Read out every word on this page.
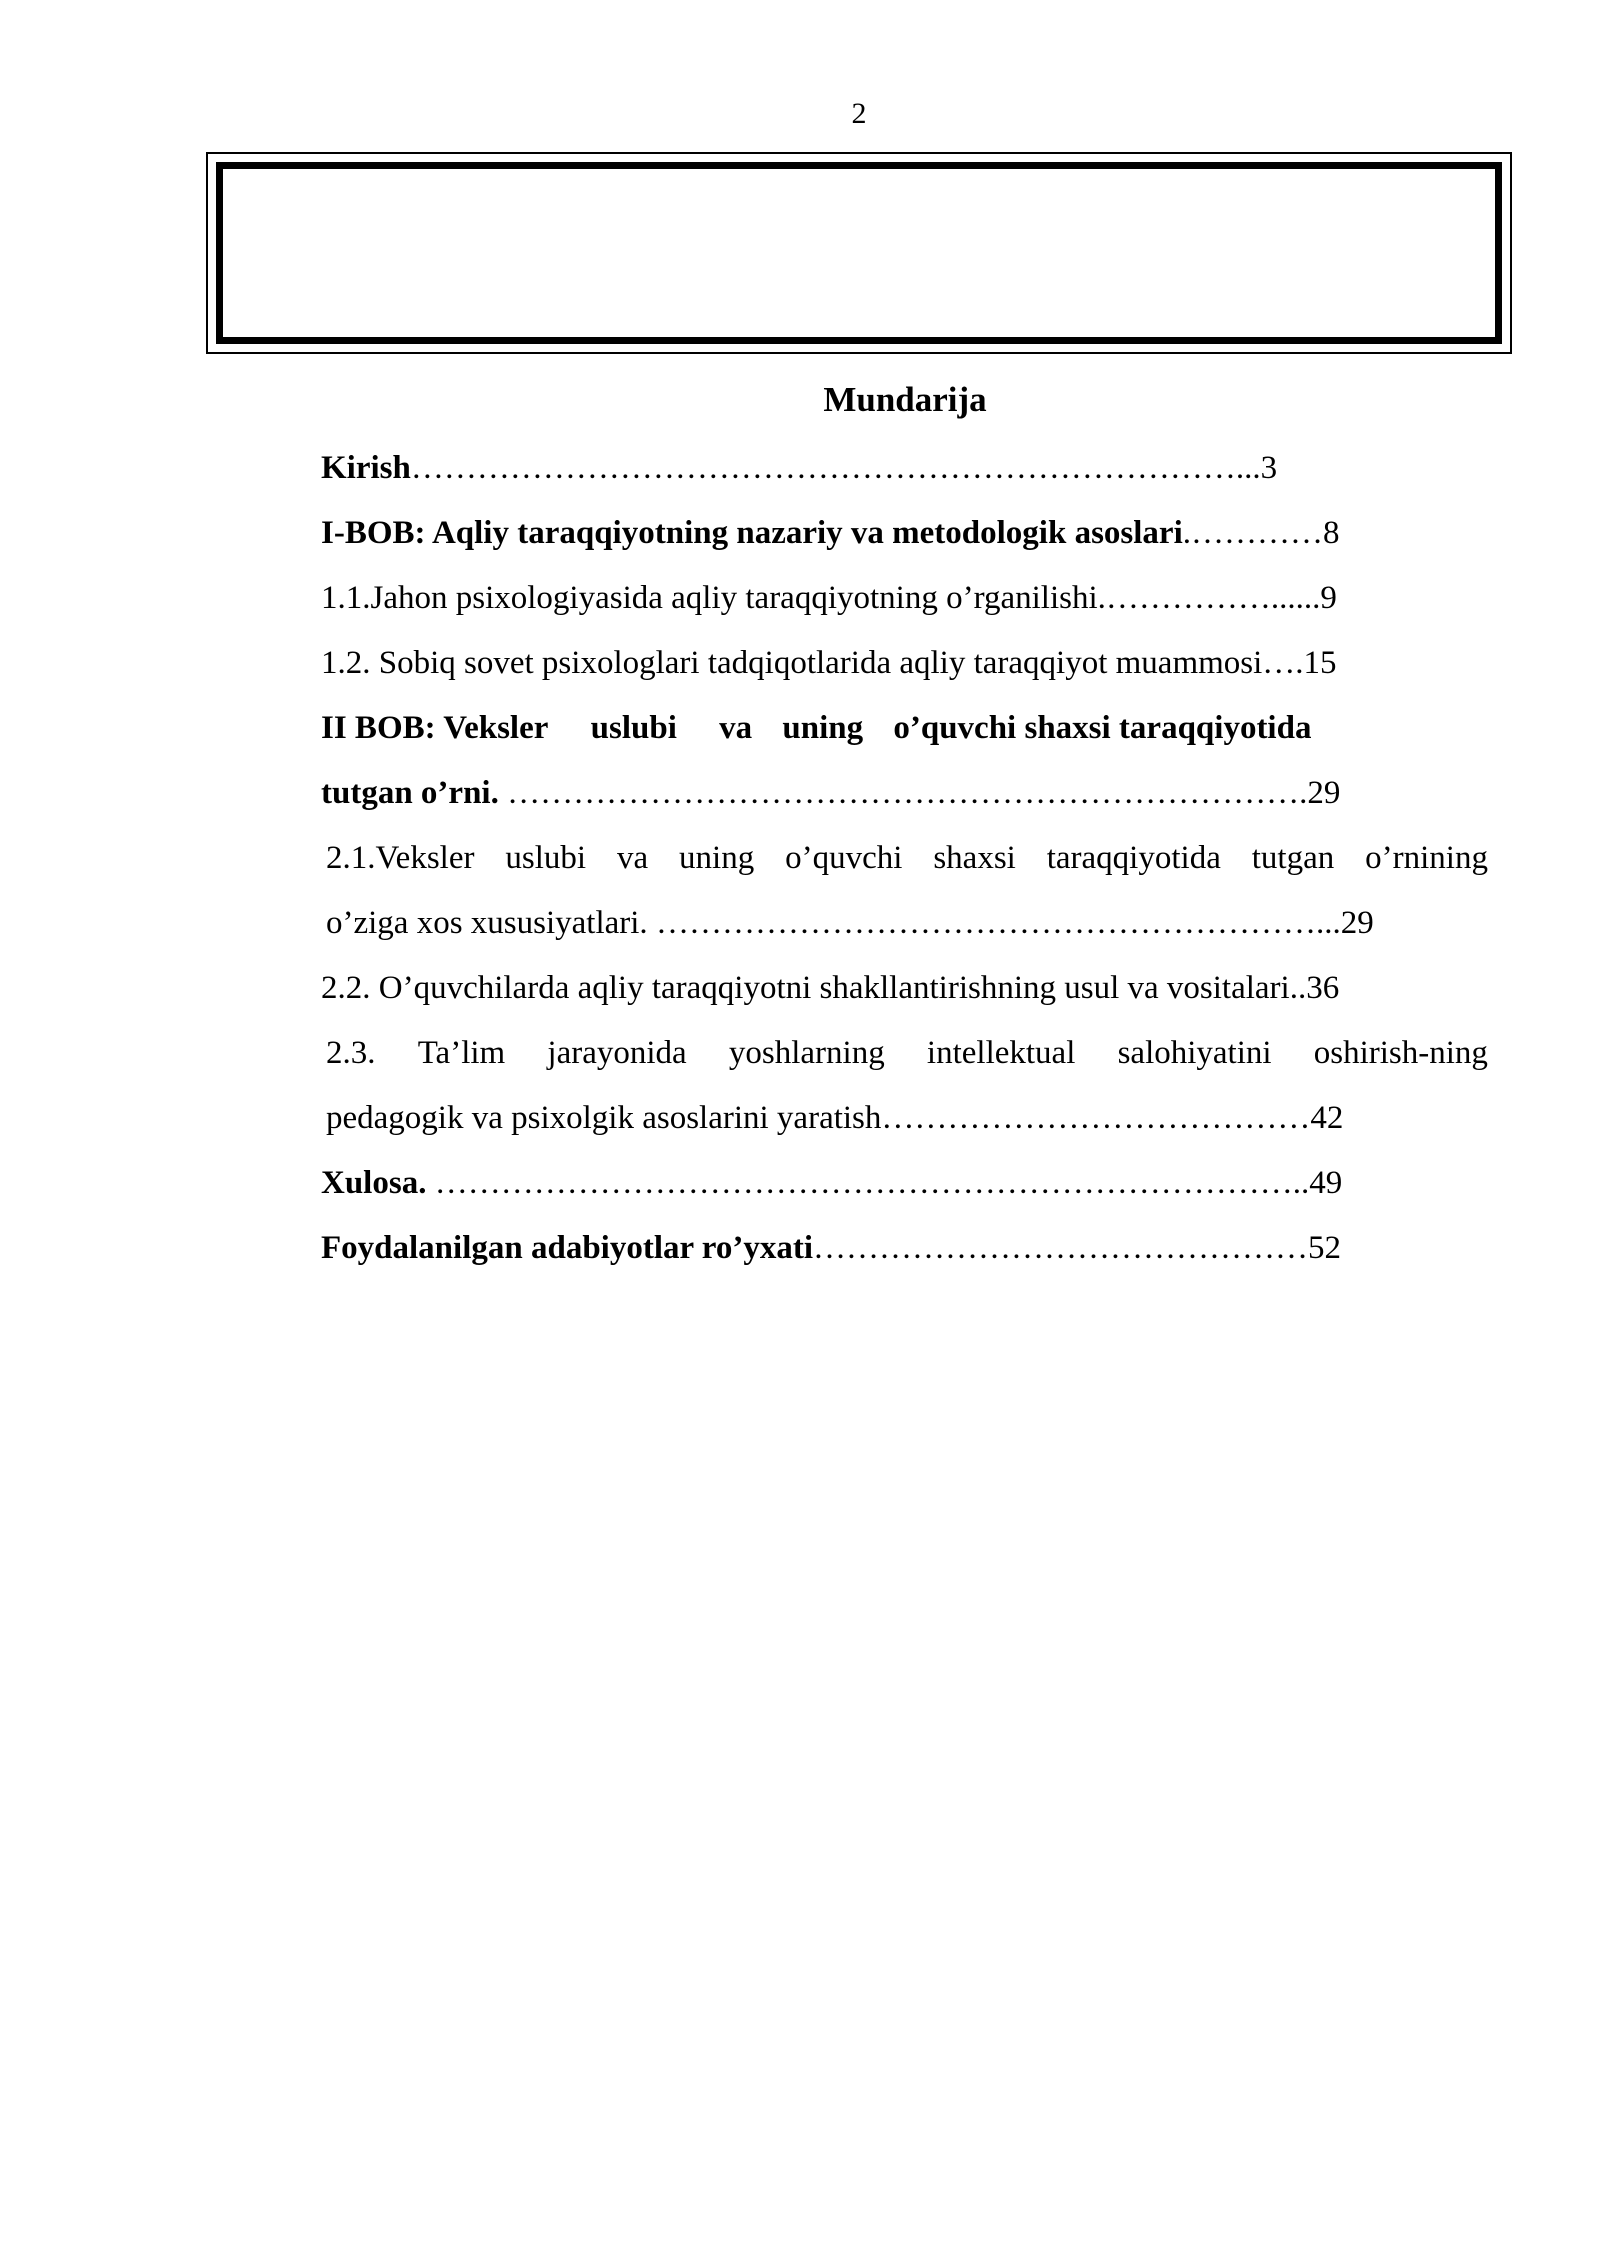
2
Mundarija
Kirish…………………………………………………………………...3
I-BOB: Aqliy taraqqiyotning nazariy va metodologik asoslari.…………8
1.1.Jahon psixologiyasida aqliy taraqqiyotning o’rganilishi.……………......9
1.2. Sobiq sovet psixologlari tadqiqotlarida aqliy taraqqiyot muammosi….15
II BOB: Veksler uslubi va uning o’quvchi shaxsi taraqqiyotida
tutgan o’rni. ……………………………………………………………….29
2.1.Veksler uslubi va uning o’quvchi shaxsi taraqqiyotida tutgan o’rnining
o’ziga xos xususiyatlari. ……………………………………………………...29
2.2. O’quvchilarda aqliy taraqqiyotni shakllantirishning usul va vositalari..36
2.3. Ta’lim jarayonida yoshlarning intellektual salohiyatini oshirish-ning
pedagogik va psixolgik asoslarini yaratish…………………………………42
Xulosa. ……………………………………………………………………..49
Foydalanilgan adabiyotlar ro’yxati………………………………………52
